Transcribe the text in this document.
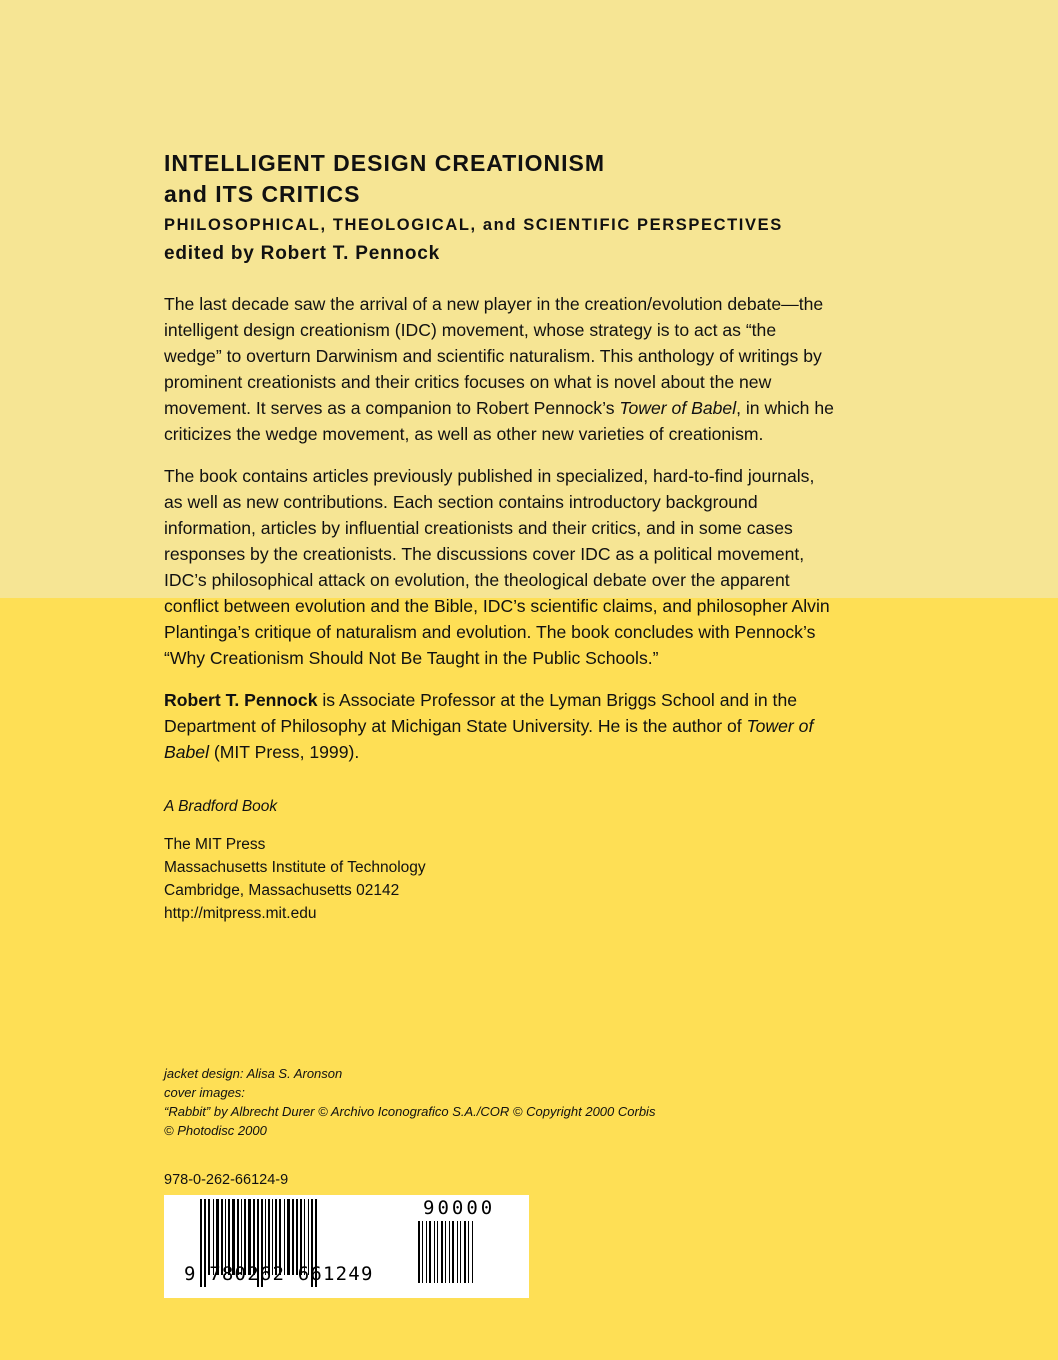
INTELLIGENT DESIGN CREATIONISM
and ITS CRITICS
PHILOSOPHICAL, THEOLOGICAL, and SCIENTIFIC PERSPECTIVES
edited by Robert T. Pennock

The last decade saw the arrival of a new player in the creation/evolution debate—the intelligent design creationism (IDC) movement, whose strategy is to act as “the wedge” to overturn Darwinism and scientific naturalism. This anthology of writings by prominent creationists and their critics focuses on what is novel about the new movement. It serves as a companion to Robert Pennock’s Tower of Babel, in which he criticizes the wedge movement, as well as other new varieties of creationism.

The book contains articles previously published in specialized, hard-to-find journals, as well as new contributions. Each section contains introductory background information, articles by influential creationists and their critics, and in some cases responses by the creationists. The discussions cover IDC as a political movement, IDC’s philosophical attack on evolution, the theological debate over the apparent conflict between evolution and the Bible, IDC’s scientific claims, and philosopher Alvin Plantinga’s critique of naturalism and evolution. The book concludes with Pennock’s “Why Creationism Should Not Be Taught in the Public Schools.”

Robert T. Pennock is Associate Professor at the Lyman Briggs School and in the Department of Philosophy at Michigan State University. He is the author of Tower of Babel (MIT Press, 1999).

A Bradford Book

The MIT Press
Massachusetts Institute of Technology
Cambridge, Massachusetts 02142
http://mitpress.mit.edu
jacket design: Alisa S. Aronson
cover images:
“Rabbit” by Albrecht Durer © Archivo Iconografico S.A./COR © Copyright 2000 Corbis
© Photodisc 2000
978-0-262-66124-9
9 780262 661249
90000
